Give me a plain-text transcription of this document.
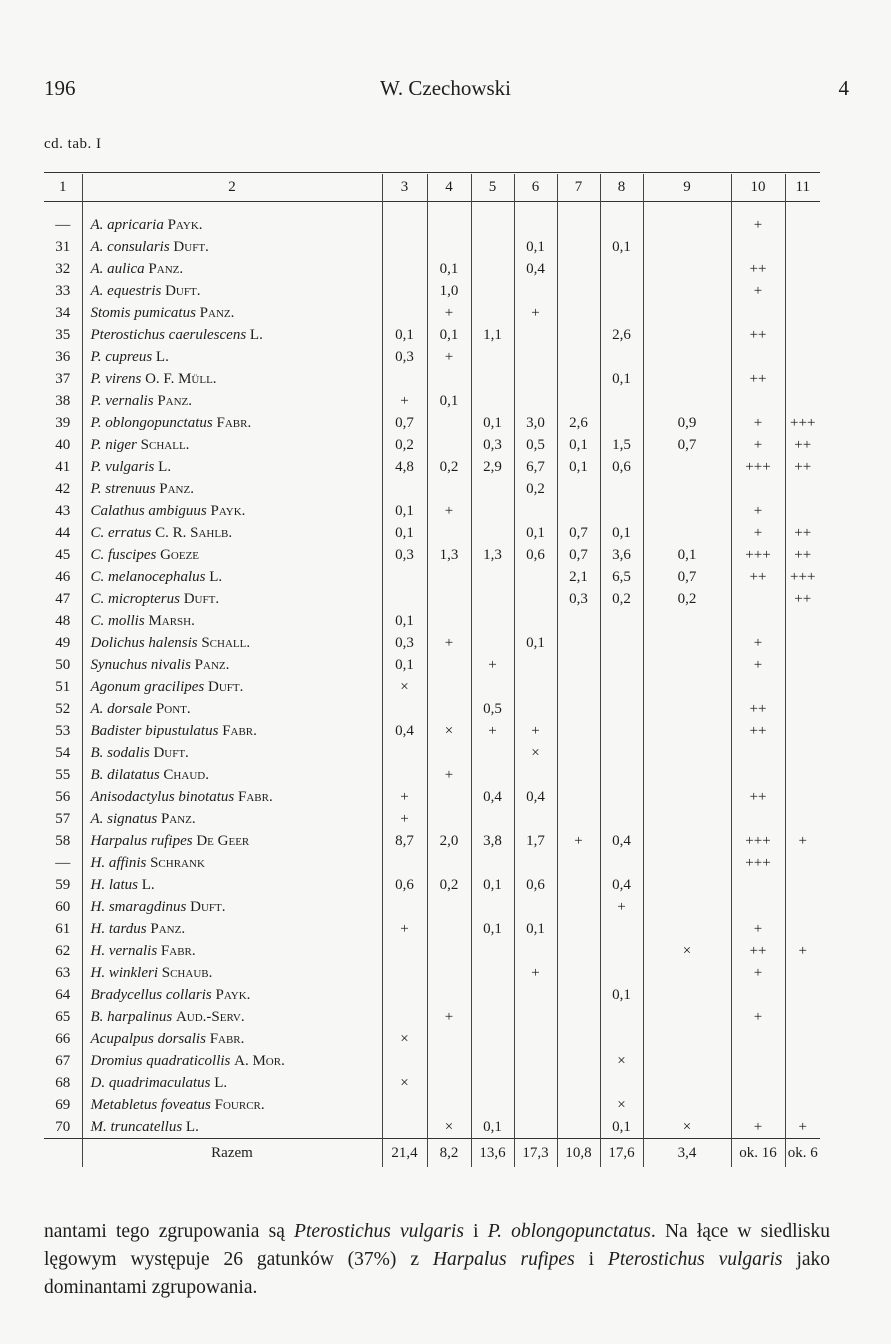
196	W. Czechowski	4
cd. tab. I
1	2	3	4	5	6	7	8	9	10	11
—	A. apricaria Payk.								+	
31	A. consularis Duft.				0,1		0,1			
32	A. aulica Panz.		0,1		0,4				++	
33	A. equestris Duft.		1,0						+	
34	Stomis pumicatus Panz.		+		+					
35	Pterostichus caerulescens L.	0,1	0,1	1,1			2,6		++	
36	P. cupreus L.	0,3	+							
37	P. virens O. F. Müll.						0,1		++	
38	P. vernalis Panz.	+	0,1							
39	P. oblongopunctatus Fabr.	0,7		0,1	3,0	2,6		0,9	+	+++
40	P. niger Schall.	0,2		0,3	0,5	0,1	1,5	0,7	+	++
41	P. vulgaris L.	4,8	0,2	2,9	6,7	0,1	0,6		+++	++
42	P. strenuus Panz.				0,2					
43	Calathus ambiguus Payk.	0,1	+						+	
44	C. erratus C. R. Sahlb.	0,1			0,1	0,7	0,1		+	++
45	C. fuscipes Goeze	0,3	1,3	1,3	0,6	0,7	3,6	0,1	+++	++
46	C. melanocephalus L.					2,1	6,5	0,7	++	+++
47	C. micropterus Duft.					0,3	0,2	0,2		++
48	C. mollis Marsh.	0,1								
49	Dolichus halensis Schall.	0,3	+		0,1				+	
50	Synuchus nivalis Panz.	0,1		+					+	
51	Agonum gracilipes Duft.	×								
52	A. dorsale Pont.			0,5					++	
53	Badister bipustulatus Fabr.	0,4	×	+	+				++	
54	B. sodalis Duft.				×					
55	B. dilatatus Chaud.		+							
56	Anisodactylus binotatus Fabr.	+		0,4	0,4				++	
57	A. signatus Panz.	+								
58	Harpalus rufipes De Geer	8,7	2,0	3,8	1,7	+	0,4		+++	+
—	H. affinis Schrank								+++	
59	H. latus L.	0,6	0,2	0,1	0,6		0,4			
60	H. smaragdinus Duft.						+			
61	H. tardus Panz.	+		0,1	0,1				+	
62	H. vernalis Fabr.							×	++	+
63	H. winkleri Schaub.				+				+	
64	Bradycellus collaris Payk.						0,1			
65	B. harpalinus Aud.-Serv.		+						+	
66	Acupalpus dorsalis Fabr.	×								
67	Dromius quadraticollis A. Mor.						×			
68	D. quadrimaculatus L.	×								
69	Metabletus foveatus Fourcr.						×			
70	M. truncatellus L.		×	0,1			0,1	×	+	+
	Razem	21,4	8,2	13,6	17,3	10,8	17,6	3,4	ok. 16	ok. 6
nantami tego zgrupowania są Pterostichus vulgaris i P. oblongopunctatus. Na łące w siedlisku lęgowym występuje 26 gatunków (37%) z Harpalus rufipes i Pterostichus vulgaris jako dominantami zgrupowania.
